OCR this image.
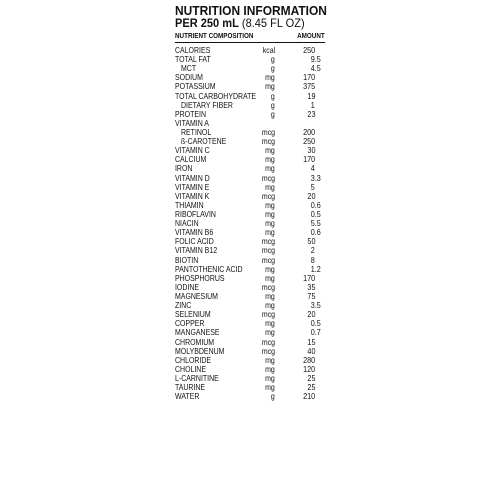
NUTRITION INFORMATION
PER 250 mL (8.45 FL OZ)
NUTRIENT COMPOSITION	AMOUNT
CALORIES	kcal	250
TOTAL FAT	g	9.5
MCT	g	4.5
SODIUM	mg	170
POTASSIUM	mg	375
TOTAL CARBOHYDRATE g	19
DIETARY FIBER	g	1
PROTEIN	g	23
VITAMIN A
RETINOL	mcg	200
ß-CAROTENE	mcg	250
VITAMIN C	mg	30
CALCIUM	mg	170
IRON	mg	4
VITAMIN D	mcg	3.3
VITAMIN E	mg	5
VITAMIN K	mcg	20
THIAMIN	mg	0.6
RIBOFLAVIN	mg	0.5
NIACIN	mg	5.5
VITAMIN B6	mg	0.6
FOLIC ACID	mcg	50
VITAMIN B12	mcg	2
BIOTIN	mcg	8
PANTOTHENIC ACID	mg	1.2
PHOSPHORUS	mg	170
IODINE	mcg	35
MAGNESIUM	mg	75
ZINC	mg	3.5
SELENIUM	mcg	20
COPPER	mg	0.5
MANGANESE	mg	0.7
CHROMIUM	mcg	15
MOLYBDENUM	mcg	40
CHLORIDE	mg	280
CHOLINE	mg	120
L-CARNITINE	mg	25
TAURINE	mg	25
WATER	g	210
